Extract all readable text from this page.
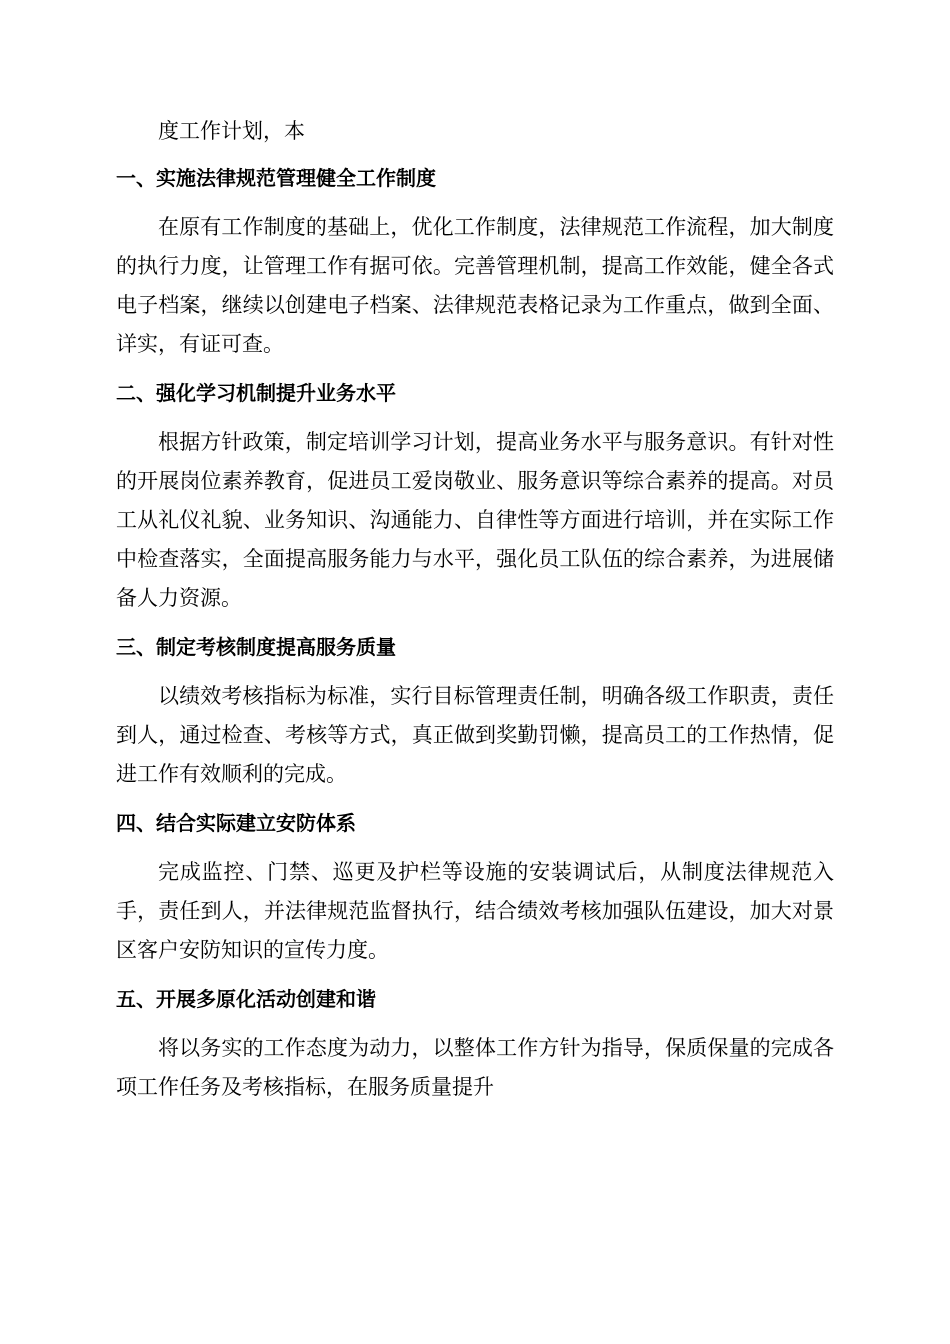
度工作计划，本

一、实施法律规范管理健全工作制度

在原有工作制度的基础上，优化工作制度，法律规范工作流程，加大制度的执行力度，让管理工作有据可依。完善管理机制，提高工作效能，健全各式电子档案，继续以创建电子档案、法律规范表格记录为工作重点，做到全面、详实，有证可查。

二、强化学习机制提升业务水平

根据方针政策，制定培训学习计划，提高业务水平与服务意识。有针对性的开展岗位素养教育，促进员工爱岗敬业、服务意识等综合素养的提高。对员工从礼仪礼貌、业务知识、沟通能力、自律性等方面进行培训，并在实际工作中检查落实，全面提高服务能力与水平，强化员工队伍的综合素养，为进展储备人力资源。

三、制定考核制度提高服务质量

以绩效考核指标为标准，实行目标管理责任制，明确各级工作职责，责任到人，通过检查、考核等方式，真正做到奖勤罚懒，提高员工的工作热情，促进工作有效顺利的完成。

四、结合实际建立安防体系

完成监控、门禁、巡更及护栏等设施的安装调试后，从制度法律规范入手，责任到人，并法律规范监督执行，结合绩效考核加强队伍建设，加大对景区客户安防知识的宣传力度。

五、开展多原化活动创建和谐

将以务实的工作态度为动力，以整体工作方针为指导，保质保量的完成各项工作任务及考核指标，在服务质量提升
